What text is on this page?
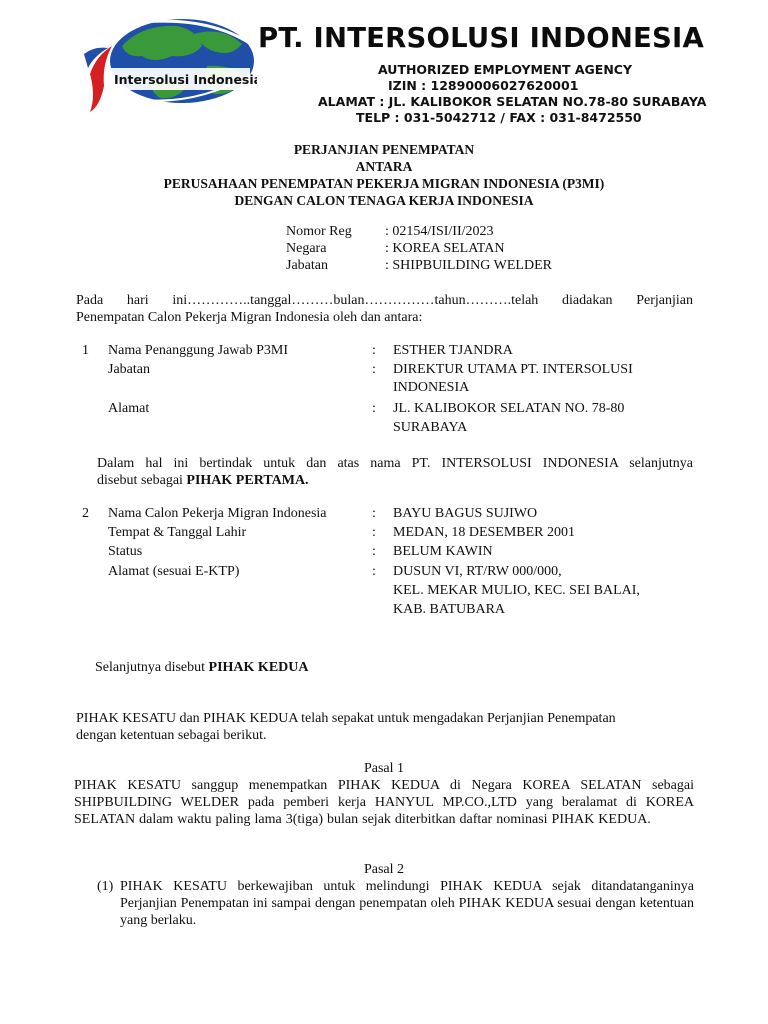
Intersolusi Indonesia
PT. INTERSOLUSI INDONESIA
AUTHORIZED EMPLOYMENT AGENCY
IZIN : 1289000602762000​1
ALAMAT : JL. KALIBOKOR SELATAN NO.78-80 SURABAYA
TELP : 031-5042712 / FAX : 031-8472550
PERJANJIAN PENEMPATAN
ANTARA
PERUSAHAAN PENEMPATAN PEKERJA MIGRAN INDONESIA (P3MI)
DENGAN CALON TENAGA KERJA INDONESIA
Nomor Reg : 02154/ISI/II/2023
Negara	: KOREA SELATAN
Jabatan	: SHIPBUILDING WELDER
Pada hari ini…………..tanggal………bulan……………tahun……….telah diadakan Perjanjian
Penempatan Calon Pekerja Migran Indonesia oleh dan antara:
1 Nama Penanggung Jawab P3MI	: ESTHER TJANDRA
Jabatan	: DIREKTUR UTAMA PT. INTERSOLUSI
INDONESIA
Alamat	: JL. KALIBOKOR SELATAN NO. 78-80
SURABAYA
Dalam hal ini bertindak untuk dan atas nama PT. INTERSOLUSI INDONESIA selanjutnya
disebut sebagai PIHAK PERTAMA.
2 Nama Calon Pekerja Migran Indonesia	: BAYU BAGUS SUJIWO
Tempat & Tanggal Lahir	: MEDAN, 18 DESEMBER 2001
Status	: BELUM KAWIN
Alamat (sesuai E-KTP)	: DUSUN VI, RT/RW 000/000,
KEL. MEKAR MULIO, KEC. SEI BALAI,
KAB. BATUBARA
Selanjutnya disebut PIHAK KEDUA
PIHAK KESATU dan PIHAK KEDUA telah sepakat untuk mengadakan Perjanjian Penempatan
dengan ketentuan sebagai berikut.
Pasal 1
PIHAK KESATU sanggup menempatkan PIHAK KEDUA di Negara KOREA SELATAN sebagai SHIPBUILDING WELDER pada pemberi kerja HANYUL MP.CO.,LTD yang beralamat di KOREA SELATAN dalam waktu paling lama 3(tiga) bulan sejak diterbitkan daftar nominasi PIHAK KEDUA.
Pasal 2
(1) PIHAK KESATU berkewajiban untuk melindungi PIHAK KEDUA sejak ditandatanganinya Perjanjian Penempatan ini sampai dengan penempatan oleh PIHAK KEDUA sesuai dengan ketentuan yang berlaku.
